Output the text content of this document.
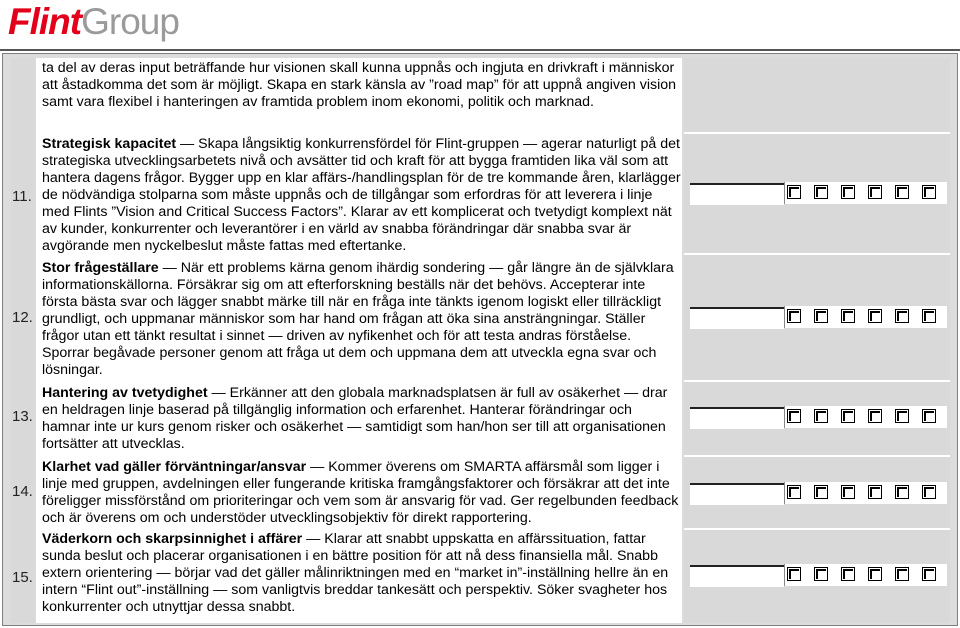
FlintGroup
ta del av deras input beträffande hur visionen skall kunna uppnås och ingjuta en drivkraft i människor att åstadkomma det som är möjligt. Skapa en stark känsla av ”road map” för att uppnå angiven vision samt vara flexibel i hanteringen av framtida problem inom ekonomi, politik och marknad.
11.
Strategisk kapacitet — Skapa långsiktig konkurrensfördel för Flint-gruppen — agerar naturligt på det strategiska utvecklingsarbetets nivå och avsätter tid och kraft för att bygga framtiden lika väl som att hantera dagens frågor. Bygger upp en klar affärs-/handlingsplan för de tre kommande åren, klarlägger de nödvändiga stolparna som måste uppnås och de tillgångar som erfordras för att leverera i linje med Flints ”Vision and Critical Success Factors”. Klarar av ett komplicerat och tvetydigt komplext nät av kunder, konkurrenter och leverantörer i en värld av snabba förändringar där snabba svar är avgörande men nyckelbeslut måste fattas med eftertanke.
12.
Stor frågeställare — När ett problems kärna genom ihärdig sondering — går längre än de självklara informationskällorna. Försäkrar sig om att efterforskning beställs när det behövs. Accepterar inte första bästa svar och lägger snabbt märke till när en fråga inte tänkts igenom logiskt eller tillräckligt grundligt, och uppmanar människor som har hand om frågan att öka sina ansträngningar. Ställer frågor utan ett tänkt resultat i sinnet — driven av nyfikenhet och för att testa andras förståelse. Sporrar begåvade personer genom att fråga ut dem och uppmana dem att utveckla egna svar och lösningar.
13.
Hantering av tvetydighet — Erkänner att den globala marknadsplatsen är full av osäkerhet — drar en heldragen linje baserad på tillgänglig information och erfarenhet. Hanterar förändringar och hamnar inte ur kurs genom risker och osäkerhet — samtidigt som han/hon ser till att organisationen fortsätter att utvecklas.
14.
Klarhet vad gäller förväntningar/ansvar — Kommer överens om SMARTA affärsmål som ligger i linje med gruppen, avdelningen eller fungerande kritiska framgångsfaktorer och försäkrar att det inte föreligger missförstånd om prioriteringar och vem som är ansvarig för vad. Ger regelbunden feedback och är överens om och understöder utvecklingsobjektiv för direkt rapportering.
15.
Väderkorn och skarpsinnighet i affärer — Klarar att snabbt uppskatta en affärssituation, fattar sunda beslut och placerar organisationen i en bättre position för att nå dess finansiella mål. Snabb extern orientering — börjar vad det gäller målinriktningen med en “market in”-inställning hellre än en intern “Flint out”-inställning — som vanligtvis breddar tankesätt och perspektiv. Söker svagheter hos konkurrenter och utnyttjar dessa snabbt.
